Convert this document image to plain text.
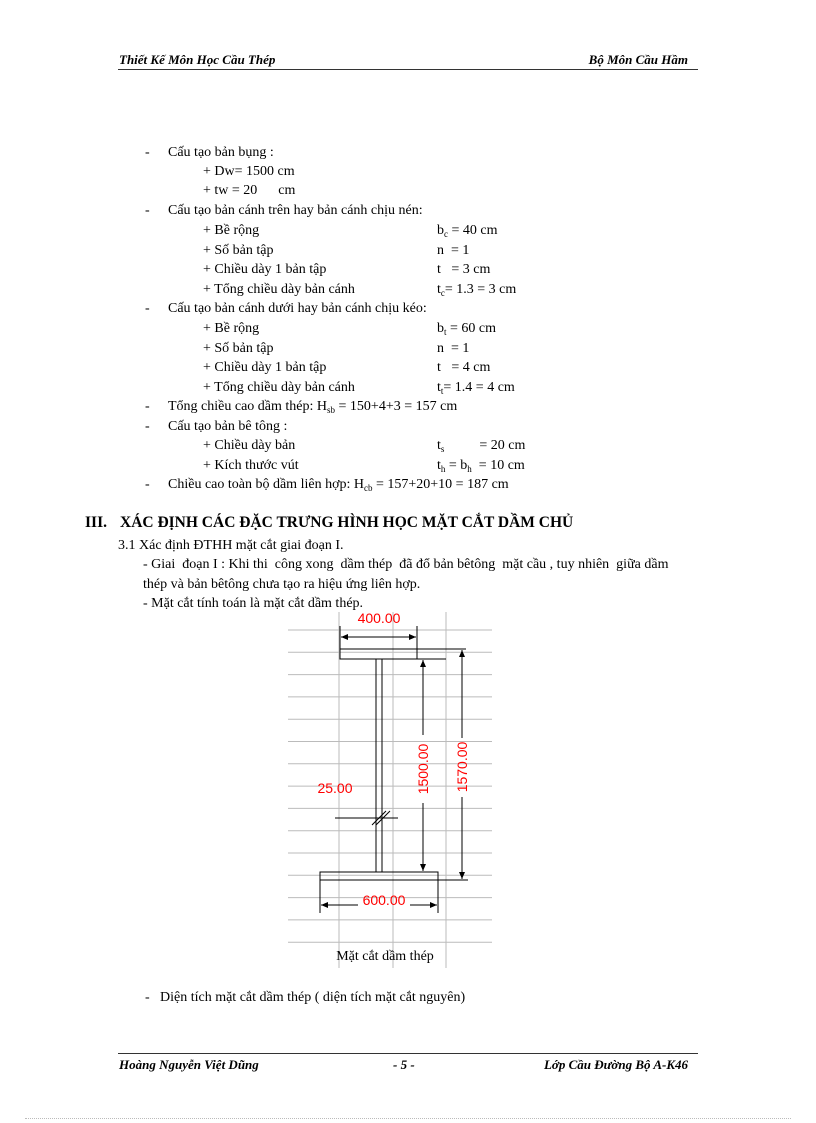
Thiết Kế Môn Học Cầu Thép	Bộ Môn Cầu Hầm
- Cấu tạo bản bụng :
+ Dw= 1500 cm
+ tw = 20      cm
- Cấu tạo bản cánh trên hay bản cánh chịu nén:
- Cấu tạo bản cánh dưới hay bản cánh chịu kéo:
- Tổng chiều cao dầm thép: $H_{sb} = 150+4+3 = 157$ cm
- Cấu tạo bản bê tông :
- Chiều cao toàn bộ dầm liên hợp: $H_{cb} = 157+20+10 = 187$ cm
III. XÁC ĐỊNH CÁC ĐẶC TRƯNG HÌNH HỌC MẶT CẮT DẦM CHỦ
3.1 Xác định ĐTHH mặt cắt giai đoạn I.
- Giai  đoạn I : Khi thi  công xong  dầm thép  đã đổ bản bêtông  mặt cầu , tuy nhiên  giữa dầm
thép và bản bêtông chưa tạo ra hiệu ứng liên hợp.
- Mặt cắt tính toán là mặt cắt dầm thép.
400.00
600.00
25.00	1500.00 1570.00
Mặt cắt dầm thép
- Diện tích mặt cắt dầm thép ( diện tích mặt cắt nguyên)
Hoàng Nguyễn Việt Dũng	- 5 -	Lớp Cầu Đường Bộ A-K46
+ Bề rộng	$b_c = 40$ cm
+ Số bản tập	n  = 1
+ Chiều dày 1 bản tập	t   = 3 cm
+ Tổng chiều dày bản cánh	$t_c= 1.3 = 3$ cm
+ Bề rộng	$b_t = 60$ cm
+ Số bản tập	n  = 1
+ Chiều dày 1 bản tập	t   = 4 cm
+ Tổng chiều dày bản cánh	$t_t= 1.4 = 4$ cm
+ Chiều dày bản	$t_s$          = 20 cm
+ Kích thước vút	$t_h = b_h = 10$ cm
